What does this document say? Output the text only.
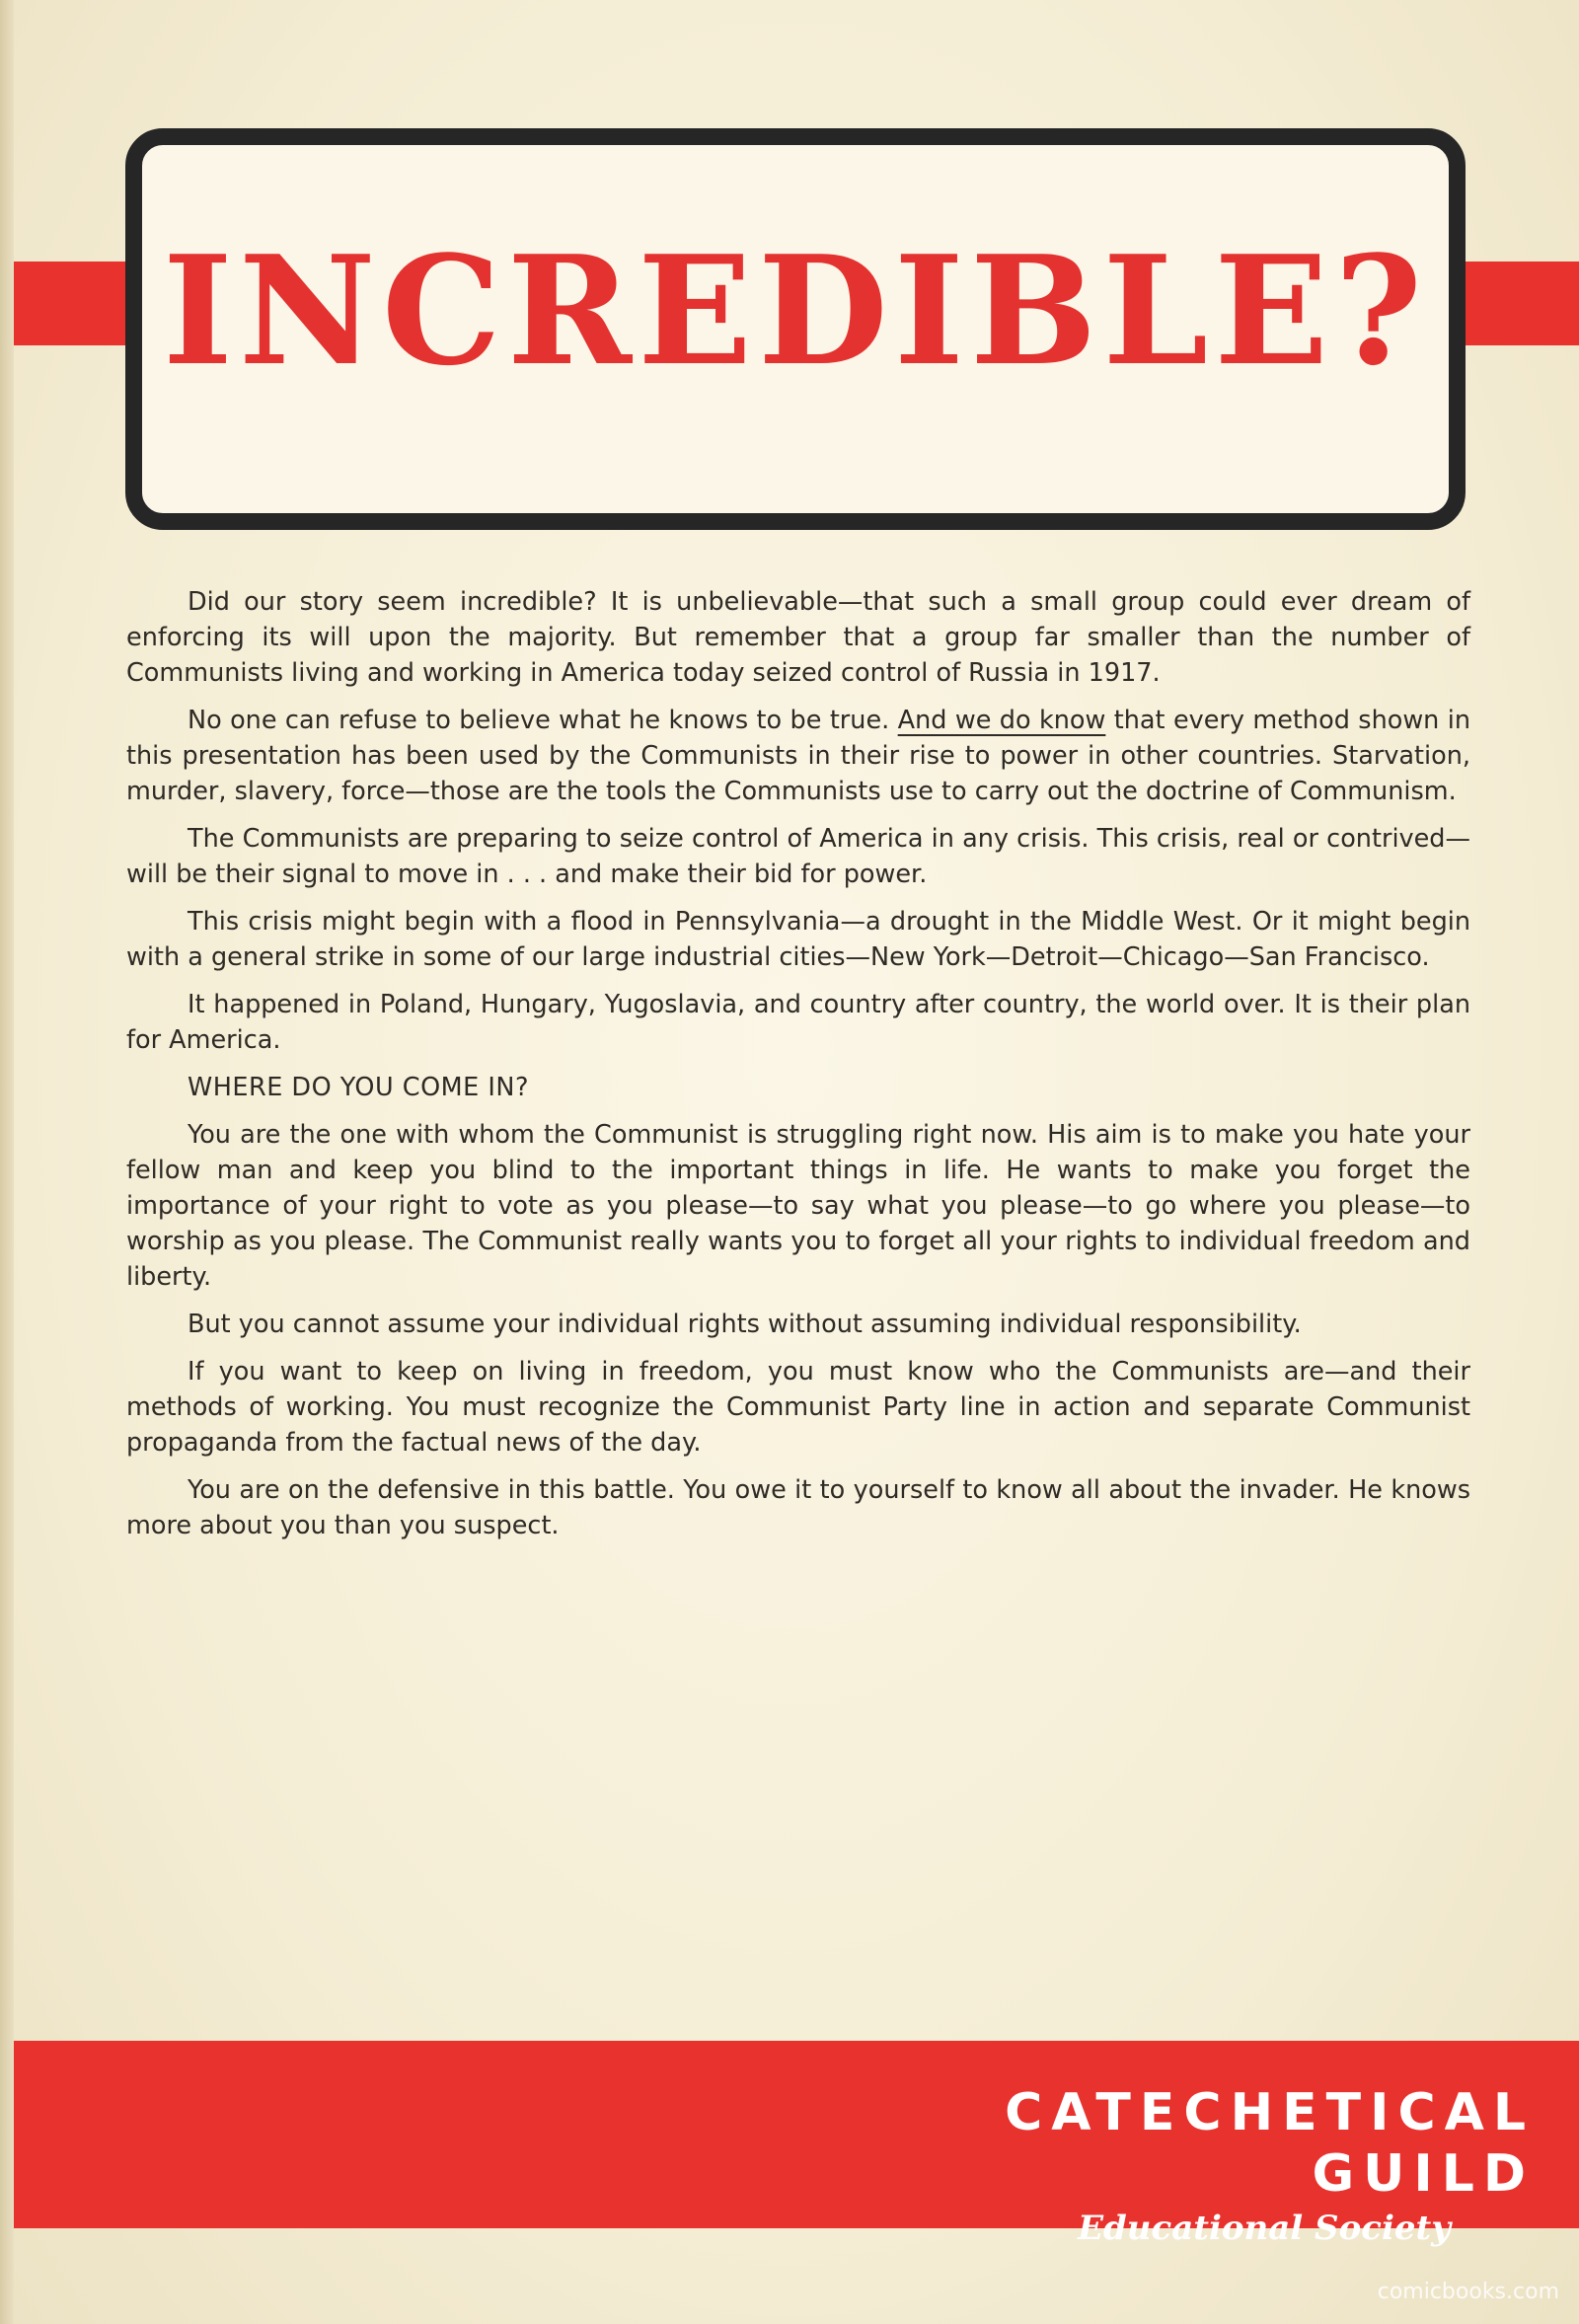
INCREDIBLE?

Did our story seem incredible? It is unbelievable—that such a small group could ever dream of enforcing its will upon the majority. But remember that a group far smaller than the number of Communists living and working in America today seized control of Russia in 1917.

No one can refuse to believe what he knows to be true. And we do know that every method shown in this presentation has been used by the Communists in their rise to power in other countries. Starvation, murder, slavery, force—those are the tools the Communists use to carry out the doctrine of Communism.

The Communists are preparing to seize control of America in any crisis. This crisis, real or contrived—will be their signal to move in . . . and make their bid for power.

This crisis might begin with a flood in Pennsylvania—a drought in the Middle West. Or it might begin with a general strike in some of our large industrial cities—New York—Detroit—Chicago—San Francisco.

It happened in Poland, Hungary, Yugoslavia, and country after country, the world over. It is their plan for America.

WHERE DO YOU COME IN?

You are the one with whom the Communist is struggling right now. His aim is to make you hate your fellow man and keep you blind to the important things in life. He wants to make you forget the importance of your right to vote as you please—to say what you please—to go where you please—to worship as you please. The Communist really wants you to forget all your rights to individual freedom and liberty.

But you cannot assume your individual rights without assuming individual responsibility.

If you want to keep on living in freedom, you must know who the Communists are—and their methods of working. You must recognize the Communist Party line in action and separate Communist propaganda from the factual news of the day.

You are on the defensive in this battle. You owe it to yourself to know all about the invader. He knows more about you than you suspect.

CATECHETICAL GUILD
Educational Society
comicbooks.com
